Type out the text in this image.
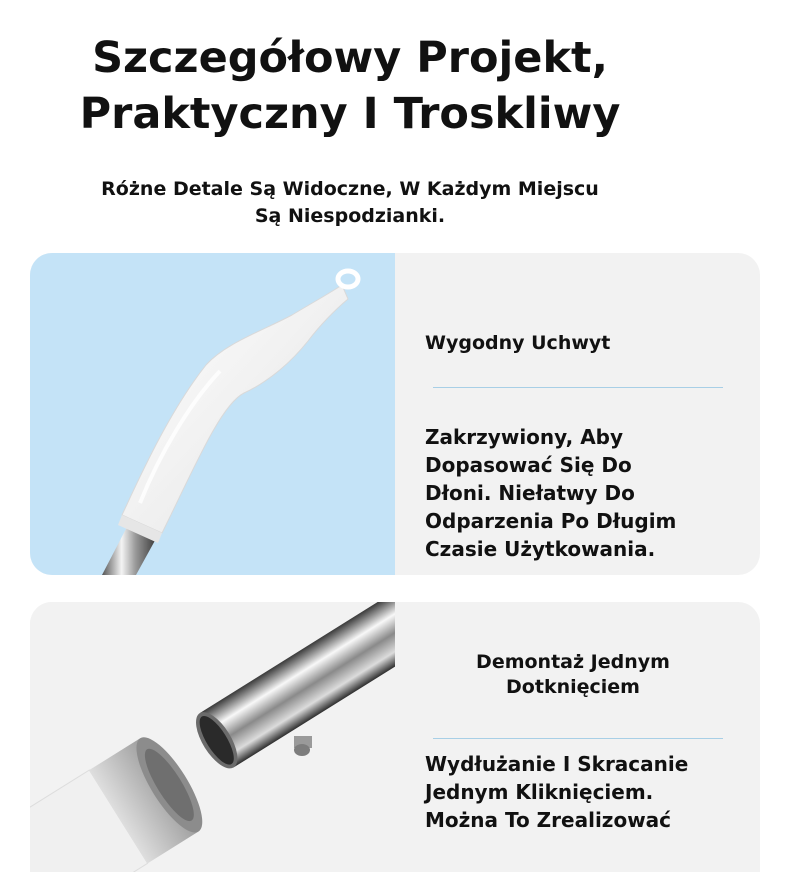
Szczegółowy Projekt,
Praktyczny I Troskliwy

Różne Detale Są Widoczne, W Każdym Miejscu
Są Niespodzianki.

Wygodny Uchwyt

Zakrzywiony, Aby
Dopasować Się Do
Dłoni. Niełatwy Do
Odparzenia Po Długim
Czasie Użytkowania.

Demontaż Jednym
Dotknięciem

Wydłużanie I Skracanie
Jednym Kliknięciem.
Można To Zrealizować
